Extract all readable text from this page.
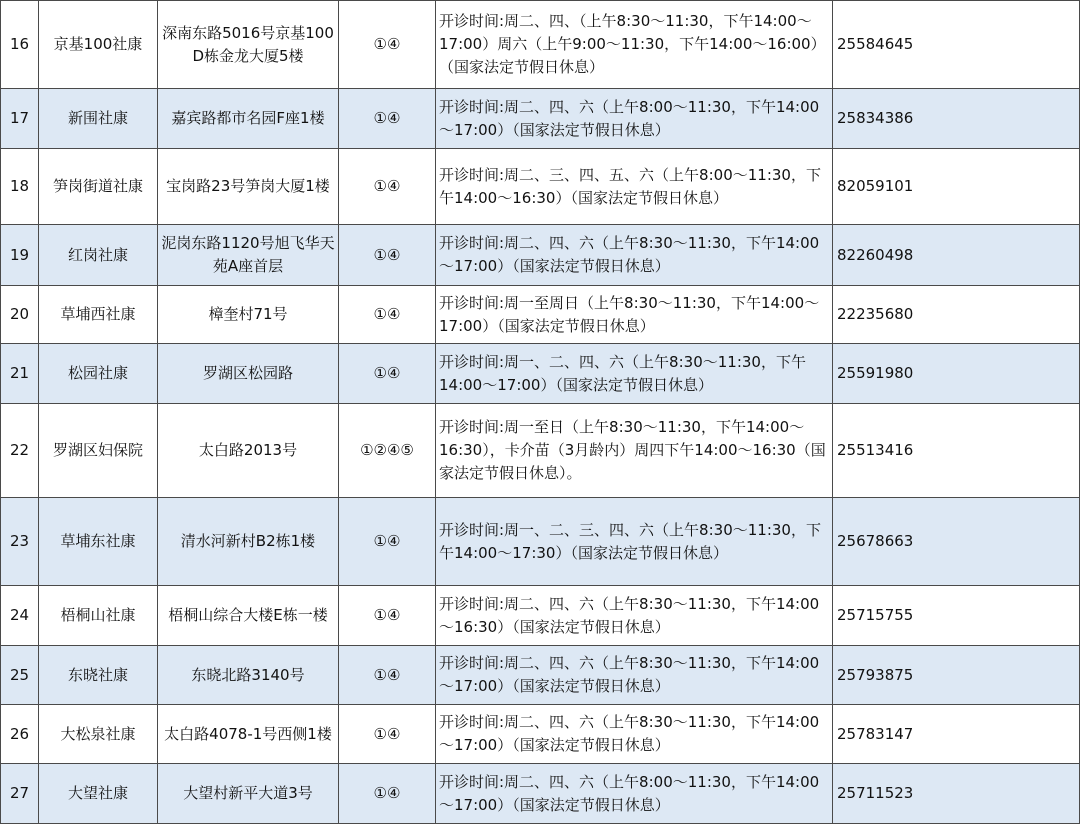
16	京基100社康	深南东路5016号京基100 D栋金龙大厦5楼	①④	开诊时间:周二、四、（上午8:30～11:30，下午14:00～17:00）周六（上午9:00～11:30，下午14:00～16:00）（国家法定节假日休息）	25584645
17	新围社康	嘉宾路都市名园F座1楼	①④	开诊时间:周二、四、六（上午8:00～11:30，下午14:00～17:00）（国家法定节假日休息）	25834386
18	笋岗街道社康	宝岗路23号笋岗大厦1楼	①④	开诊时间:周二、三、四、五、六（上午8:00～11:30，下午14:00～16:30）（国家法定节假日休息）	82059101
19	红岗社康	泥岗东路1120号旭飞华天苑A座首层	①④	开诊时间:周二、四、六（上午8:30～11:30，下午14:00～17:00）（国家法定节假日休息）	82260498
20	草埔西社康	樟奎村71号	①④	开诊时间:周一至周日（上午8:30～11:30，下午14:00～17:00）（国家法定节假日休息）	22235680
21	松园社康	罗湖区松园路	①④	开诊时间:周一、二、四、六（上午8:30～11:30，下午14:00～17:00）（国家法定节假日休息）	25591980
22	罗湖区妇保院	太白路2013号	①②④⑤	开诊时间:周一至日（上午8:30～11:30，下午14:00～16:30），卡介苗（3月龄内）周四下午14:00～16:30（国家法定节假日休息）。	25513416
23	草埔东社康	清水河新村B2栋1楼	①④	开诊时间:周一、二、三、四、六（上午8:30～11:30，下午14:00～17:30）（国家法定节假日休息）	25678663
24	梧桐山社康	梧桐山综合大楼E栋一楼	①④	开诊时间:周二、四、六（上午8:30～11:30，下午14:00～16:30）（国家法定节假日休息）	25715755
25	东晓社康	东晓北路3140号	①④	开诊时间:周二、四、六（上午8:30～11:30，下午14:00～17:00）（国家法定节假日休息）	25793875
26	大松泉社康	太白路4078-1号西侧1楼	①④	开诊时间:周二、四、六（上午8:30～11:30，下午14:00～17:00）（国家法定节假日休息）	25783147
27	大望社康	大望村新平大道3号	①④	开诊时间:周二、四、六（上午8:00～11:30，下午14:00～17:00）（国家法定节假日休息）	25711523
